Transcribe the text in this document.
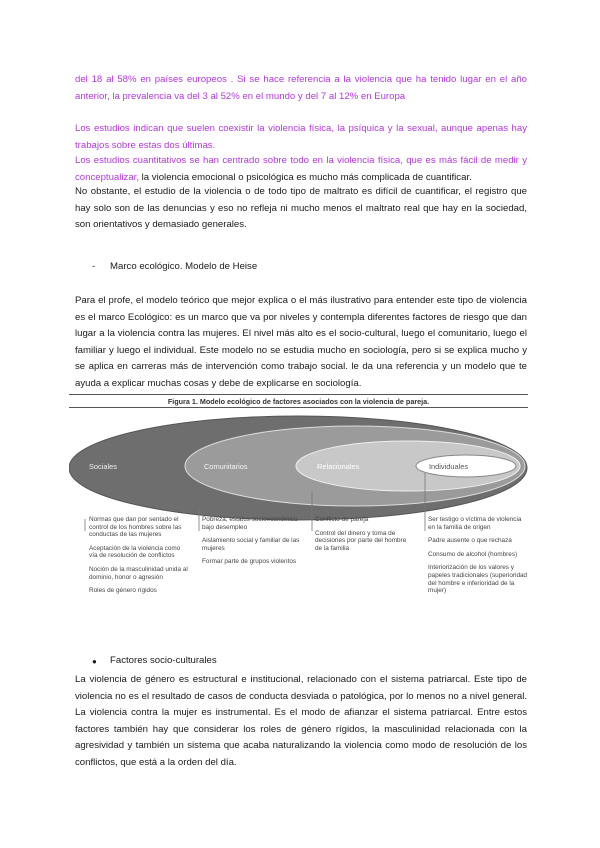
del 18 al 58% en países europeos . Si se hace referencia a la violencia que ha tenido lugar en el año anterior, la prevalencia va del 3 al 52% en el mundo y del 7 al 12% en Europa

Los estudios indican que suelen coexistir la violencia física, la psíquica y la sexual, aunque apenas hay trabajos sobre estas dos últimas.

Los estudios cuantitativos se han centrado sobre todo en la violencia física, que es más fácil de medir y conceptualizar, la violencia emocional o psicológica es mucho más complicada de cuantificar.

No obstante, el estudio de la violencia o de todo tipo de maltrato es difícil de cuantificar, el registro que hay solo son de las denuncias y eso no refleja ni mucho menos el maltrato real que hay en la sociedad, son orientativos y demasiado generales.

- Marco ecológico. Modelo de Heise

Para el profe, el modelo teórico que mejor explica o el más ilustrativo para entender este tipo de violencia es el marco Ecológico: es un marco que va por niveles y contempla diferentes factores de riesgo que dan lugar a la violencia contra las mujeres. El nivel más alto es el socio-cultural, luego el comunitario, luego el familiar y luego el individual. Este modelo no se estudia mucho en sociología, pero si se explica mucho y se aplica en carreras más de intervención como trabajo social. le da una referencia y un modelo que te ayuda a explicar muchas cosas y debe de explicarse en sociología.

Figura 1. Modelo ecológico de factores asociados con la violencia de pareja.
Sociales	Comunitarios	Relacionales	Individuales

Normas que dan por sentado el control de los hombres sobre las conductas de las mujeres

Aceptación de la violencia como vía de resolución de conflictos

Noción de la masculinidad unida al dominio, honor o agresión

Roles de género rígidos

Pobreza, estatus socioeconómico bajo desempleo

Aislamiento social y familiar de las mujeres

Formar parte de grupos violentos

Conflicto de pareja

Control del dinero y toma de decisiones por parte del hombre de la familia

Ser testigo o víctima de violencia en la familia de origen

Padre ausente o que rechaza

Consumo de alcohol (hombres)

Interiorización de los valores y papeles tradicionales (superioridad del hombre e inferioridad de la mujer)

● Factores socio-culturales

La violencia de género es estructural e institucional, relacionado con el sistema patriarcal. Este tipo de violencia no es el resultado de casos de conducta desviada o patológica, por lo menos no a nivel general. La violencia contra la mujer es instrumental. Es el modo de afianzar el sistema patriarcal. Entre estos factores también hay que considerar los roles de género rígidos, la masculinidad relacionada con la agresividad y también un sistema que acaba naturalizando la violencia como modo de resolución de los conflictos, que está a la orden del día.
